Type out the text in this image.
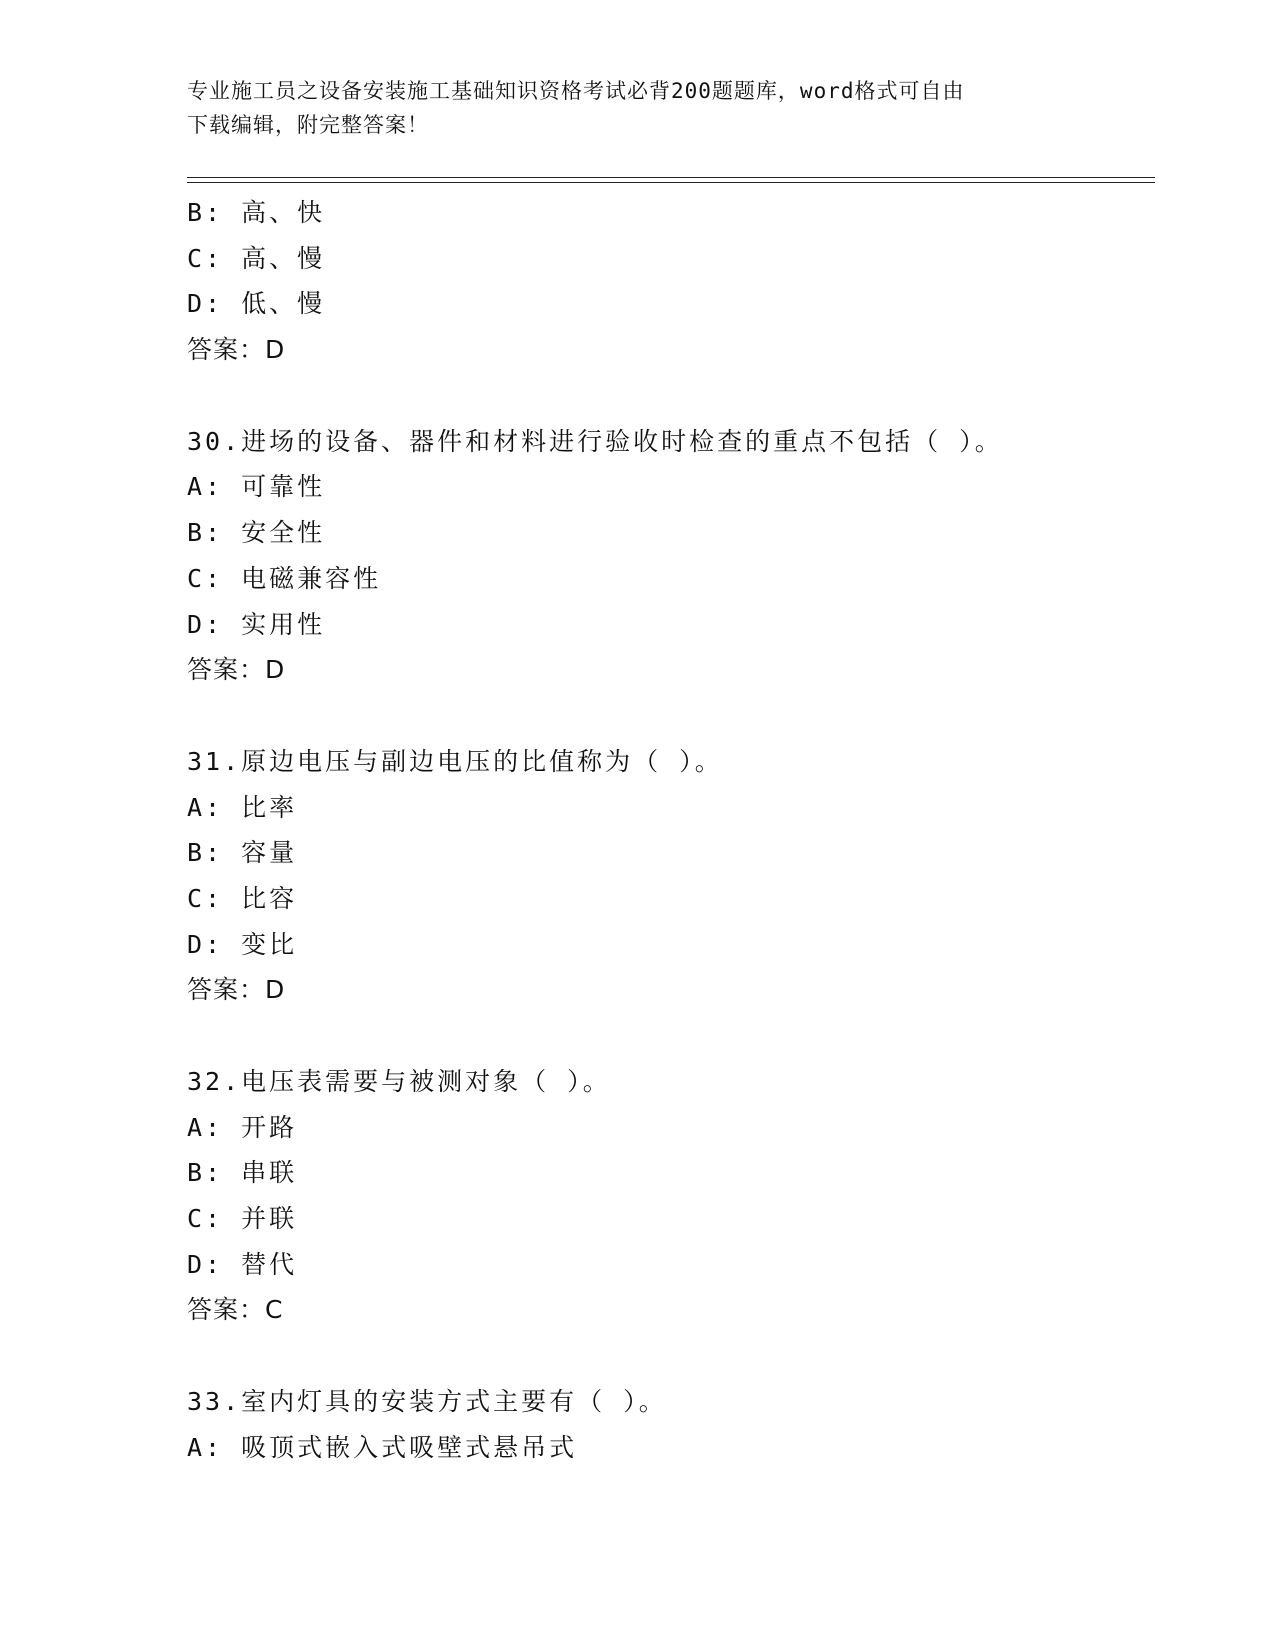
专业施工员之设备安装施工基础知识资格考试必背200题题库，word格式可自由
下载编辑，附完整答案！
B: 高、快
C: 高、慢
D: 低、慢
答案：D
30.进场的设备、器件和材料进行验收时检查的重点不包括（ ）。
A: 可靠性
B: 安全性
C: 电磁兼容性
D: 实用性
答案：D
31.原边电压与副边电压的比值称为（ ）。
A: 比率
B: 容量
C: 比容
D: 变比
答案：D
32.电压表需要与被测对象（ ）。
A: 开路
B: 串联
C: 并联
D: 替代
答案：C
33.室内灯具的安装方式主要有（ ）。
A: 吸顶式嵌入式吸壁式悬吊式
